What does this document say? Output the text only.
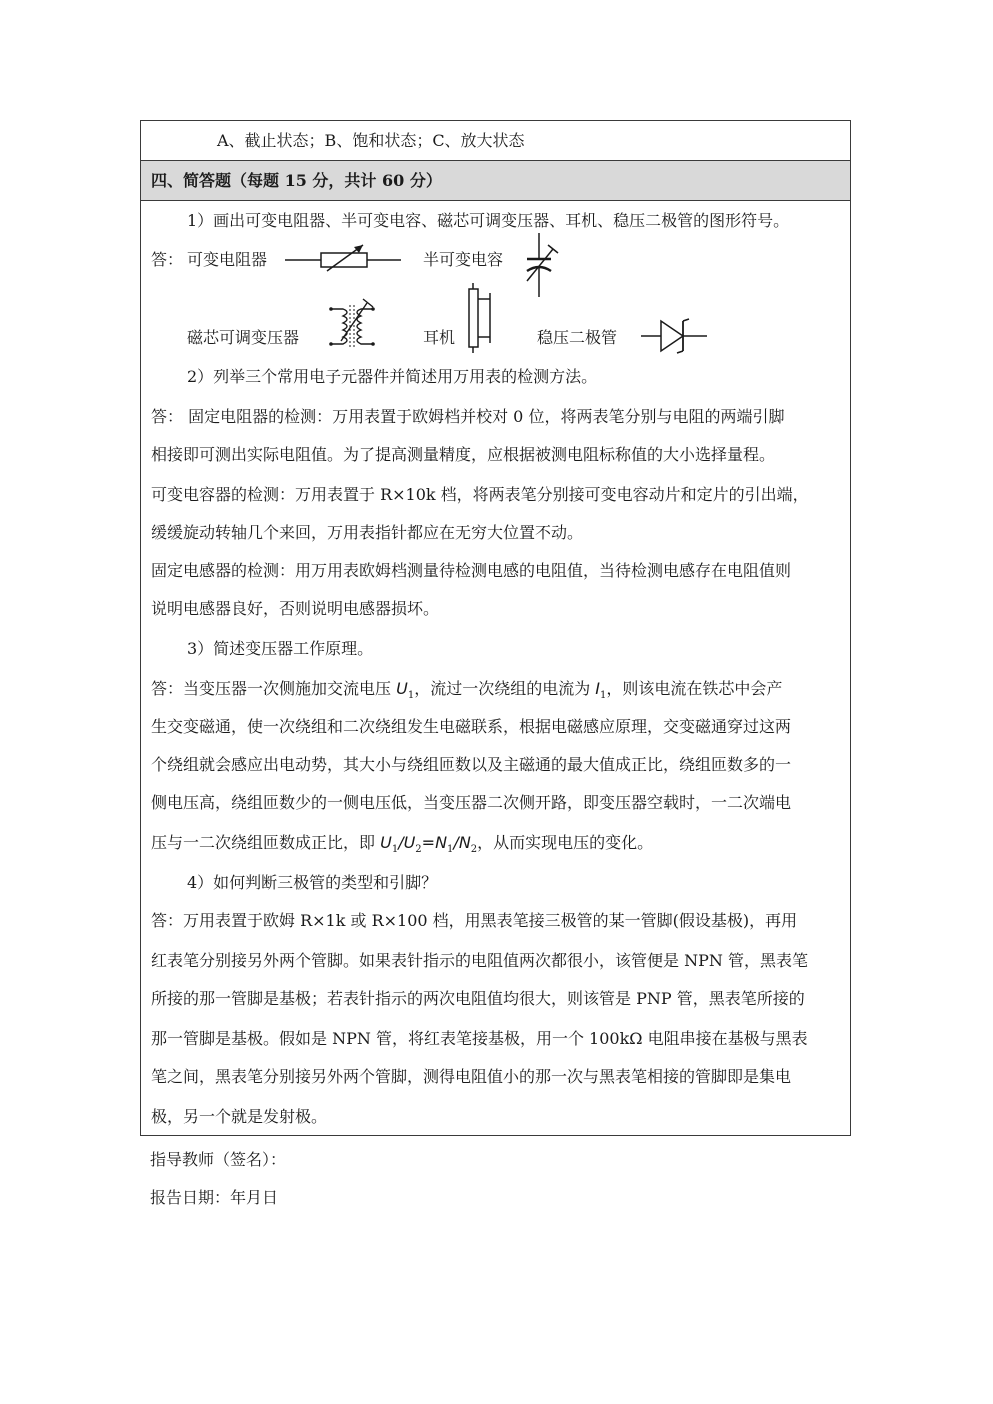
A、截止状态；B、饱和状态；C、放大状态
四、简答题（每题 15 分，共计 60 分）
1）画出可变电阻器、半可变电容、磁芯可调变压器、耳机、稳压二极管的图形符号。
答： 可变电阻器	半可变电容
磁芯可调变压器	耳机	稳压二极管
2）列举三个常用电子元器件并简述用万用表的检测方法。
答： 固定电阻器的检测：万用表置于欧姆档并校对 0 位，将两表笔分别与电阻的两端引脚
相接即可测出实际电阻值。为了提高测量精度，应根据被测电阻标称值的大小选择量程。
可变电容器的检测：万用表置于 R×10k 档，将两表笔分别接可变电容动片和定片的引出端，
缓缓旋动转轴几个来回，万用表指针都应在无穷大位置不动。
固定电感器的检测：用万用表欧姆档测量待检测电感的电阻值，当待检测电感存在电阻值则
说明电感器良好，否则说明电感器损坏。
3）简述变压器工作原理。
答：当变压器一次侧施加交流电压 $U_1$，流过一次绕组的电流为 $I_1$，则该电流在铁芯中会产
生交变磁通，使一次绕组和二次绕组发生电磁联系，根据电磁感应原理，交变磁通穿过这两
个绕组就会感应出电动势，其大小与绕组匝数以及主磁通的最大值成正比，绕组匝数多的一
侧电压高，绕组匝数少的一侧电压低，当变压器二次侧开路，即变压器空载时，一二次端电
压与一二次绕组匝数成正比，即 $U_1/U_2=N_1/N_2$，从而实现电压的变化。
4）如何判断三极管的类型和引脚？
答：万用表置于欧姆 R×1k 或 R×100 档，用黑表笔接三极管的某一管脚(假设基极)，再用
红表笔分别接另外两个管脚。如果表针指示的电阻值两次都很小，该管便是 NPN 管，黑表笔
所接的那一管脚是基极；若表针指示的两次电阻值均很大，则该管是 PNP 管，黑表笔所接的
那一管脚是基极。假如是 NPN 管，将红表笔接基极，用一个 100kΩ 电阻串接在基极与黑表
笔之间，黑表笔分别接另外两个管脚，测得电阻值小的那一次与黑表笔相接的管脚即是集电
极，另一个就是发射极。
指导教师（签名）：
报告日期：年月日
